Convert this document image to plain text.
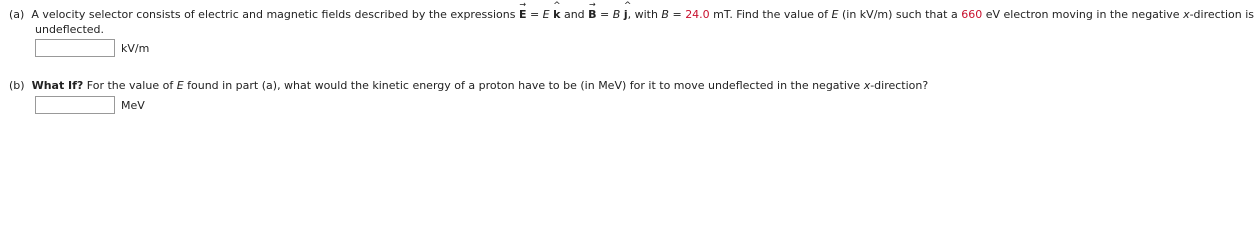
(a) A velocity selector consists of electric and magnetic fields described by the expressions
→
E = E
^
k and
→
B = B
^
j, with B = 24.0 mT. Find the value of E (in kV/m) such that a 660 eV electron moving in the negative x-direction is
undeflected.
kV/m
(b) What If? For the value of E found in part (a), what would the kinetic energy of a proton have to be (in MeV) for it to move undeflected in the negative x-direction?
MeV
